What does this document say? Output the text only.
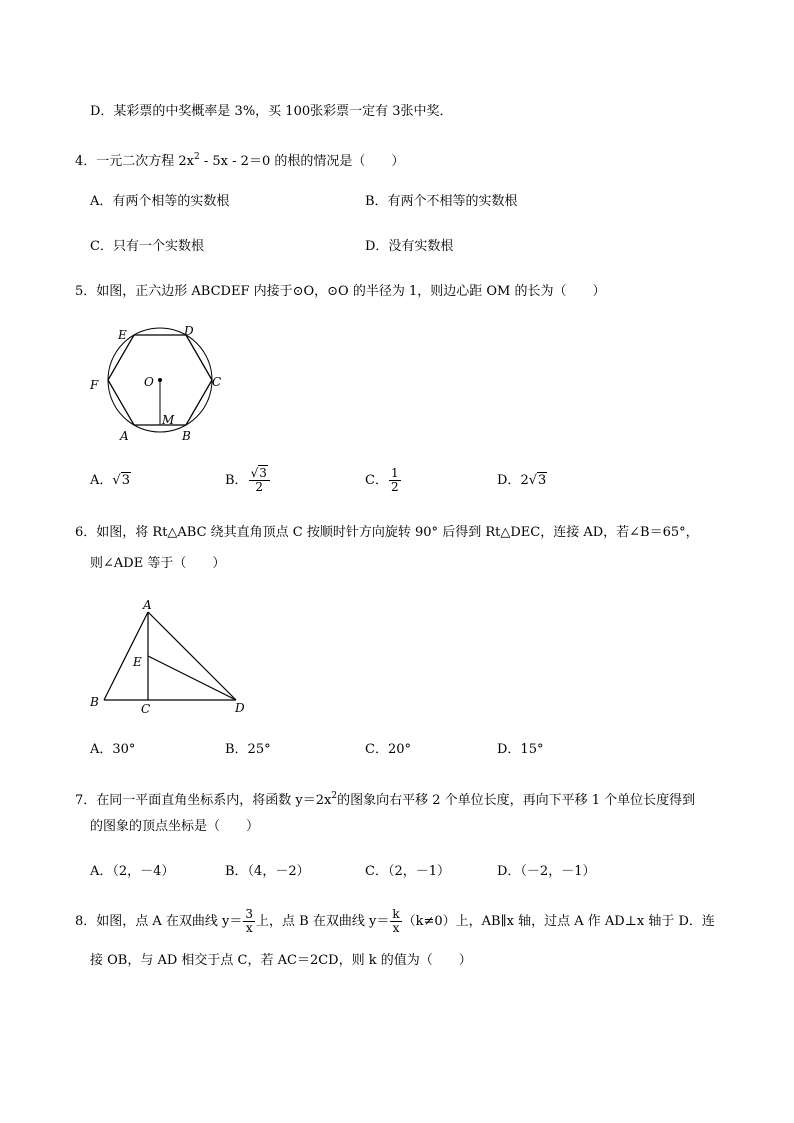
D．某彩票的中奖概率是 3%，买 100张彩票一定有 3张中奖．
4．一元二次方程 $2x^2 - 5x - 2=0$ 的根的情况是（　　）
A．有两个相等的实数根	B．有两个不相等的实数根
C．只有一个实数根	D．没有实数根
5．如图，正六边形 ABCDEF 内接于⊙O，⊙O 的半径为 1，则边心距 OM 的长为（　　）
E	D
F	C
O
M
A	B
A．√3	B． $\frac{√3}{2}$	C． $\frac{1}{2}$	D．2√3
6．如图，将 Rt△ABC 绕其直角顶点 C 按顺时针方向旋转 90° 后得到 Rt△DEC，连接 AD，若∠B＝65°，
则∠ADE 等于（　　）
A
E
B	C	D
A．30°	B．25°	C．20°	D．15°
7．在同一平面直角坐标系内，将函数 $y=2x^2$的图象向右平移 2 个单位长度，再向下平移 1 个单位长度得到
的图象的顶点坐标是（　　）
A．（2，－4）	B．（4，－2）	C．（2，－1）	D．（－2，－1）
8．如图，点 A 在双曲线 $y= \frac{3}{x}$ 上，点 B 在双曲线 $y= \frac{k}{x} (k\ne 0)$上，AB∥x 轴，过点 A 作 AD⊥x 轴于 D．连
接 OB，与 AD 相交于点 C，若 AC＝2CD，则 k 的值为（　　）
